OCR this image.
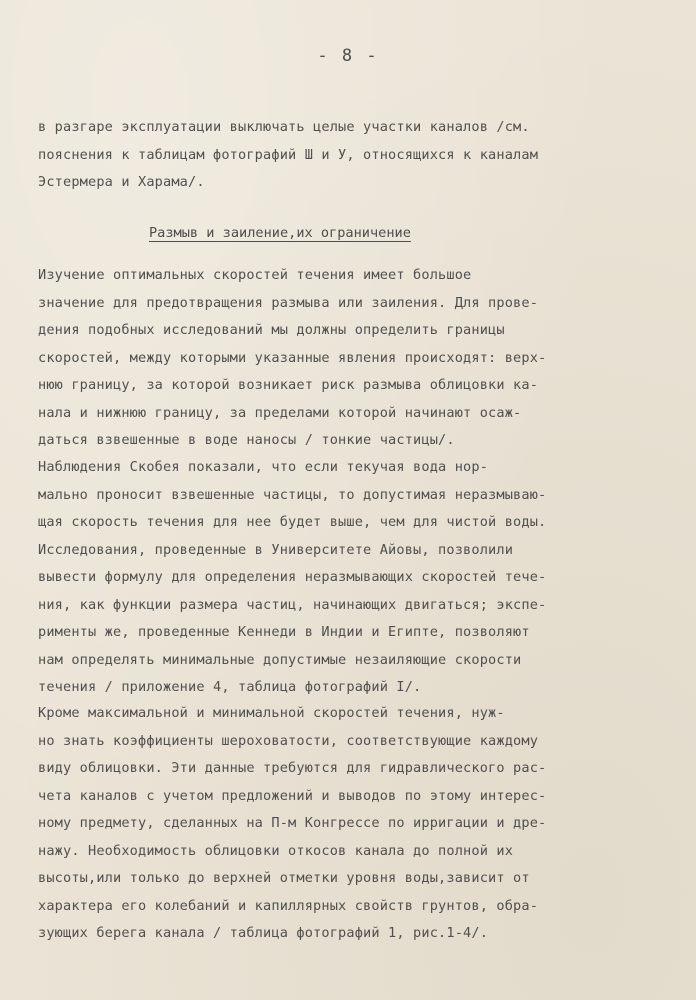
- 8 -
в разгаре эксплуатации выключать целые участки каналов /см.
пояснения к таблицам фотографий Ш и У, относящихся к каналам
Эстермера и Харама/.
Размыв и заиление,их ограничение
Изучение оптимальных скоростей течения имеет большое
значение для предотвращения размыва или заиления. Для прове-
дения подобных исследований мы должны определить границы
скоростей, между которыми указанные явления происходят: верх-
нюю границу, за которой возникает риск размыва облицовки ка-
нала и нижнюю границу, за пределами которой начинают осаж-
даться взвешенные в воде наносы / тонкие частицы/.
Наблюдения Скобея показали, что если текучая вода нор-
мально проносит взвешенные частицы, то допустимая неразмываю-
щая скорость течения для нее будет выше, чем для чистой воды.
Исследования, проведенные в Университете Айовы, позволили
вывести формулу для определения неразмывающих скоростей тече-
ния, как функции размера частиц, начинающих двигаться; экспе-
рименты же, проведенные Кеннеди в Индии и Египте, позволяют
нам определять минимальные допустимые незаиляющие скорости
течения / приложение 4, таблица фотографий I/.
Кроме максимальной и минимальной скоростей течения, нуж-
но знать коэффициенты шероховатости, соответствующие каждому
виду облицовки. Эти данные требуются для гидравлического рас-
чета каналов с учетом предложений и выводов по этому интерес-
ному предмету, сделанных на П-м Конгрессе по ирригации и дре-
нажу. Необходимость облицовки откосов канала до полной их
высоты,или только до верхней отметки уровня воды,зависит от
характера его колебаний и капиллярных свойств грунтов, обра-
зующих берега канала / таблица фотографий 1, рис.1-4/.
